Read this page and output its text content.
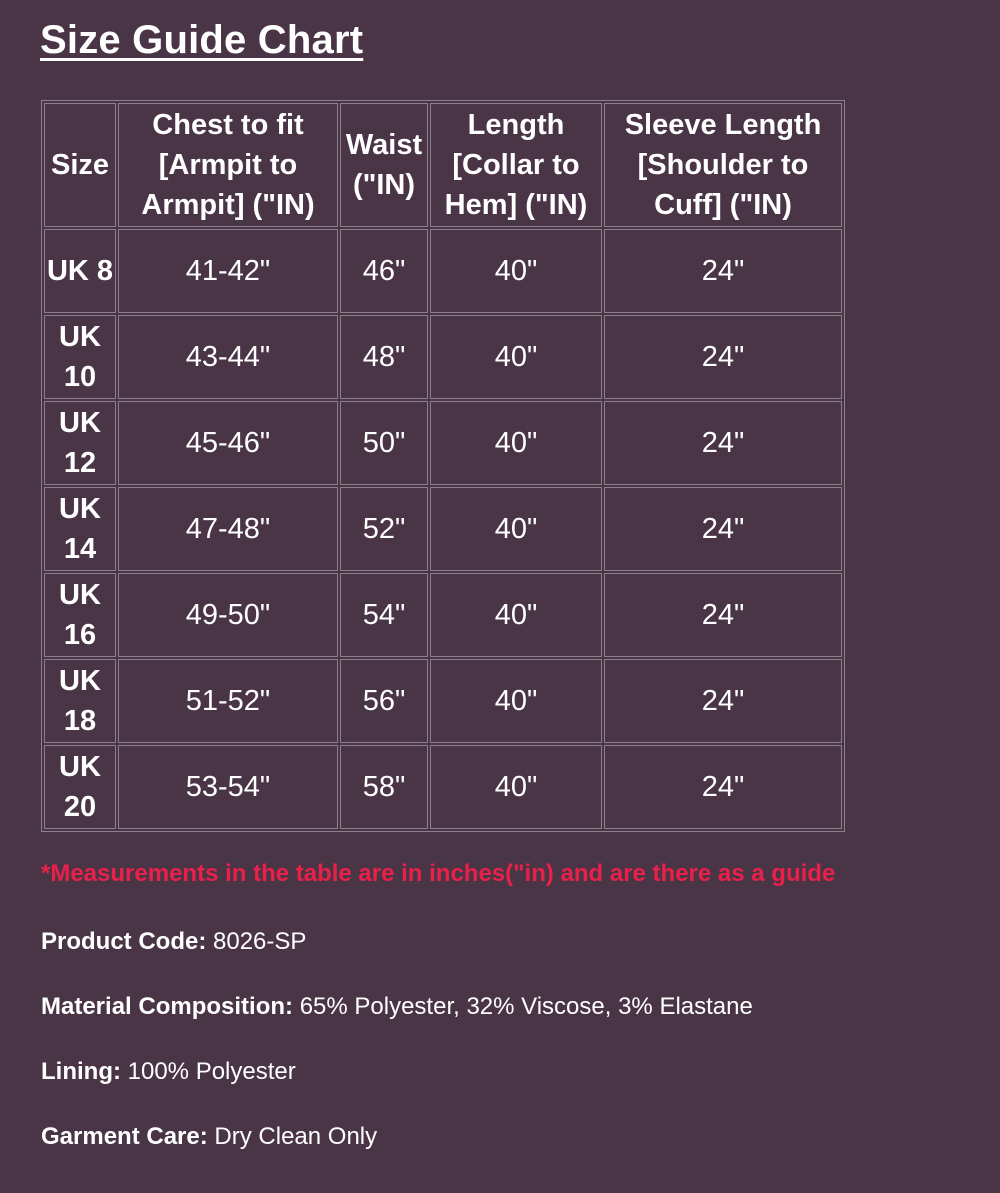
Size Guide Chart
Size	Chest to fit [Armpit to Armpit] ("IN)	Waist ("IN)	Length [Collar to Hem] ("IN)	Sleeve Length [Shoulder to Cuff] ("IN)
UK 8	41-42"	46"	40"	24"
UK 10	43-44"	48"	40"	24"
UK 12	45-46"	50"	40"	24"
UK 14	47-48"	52"	40"	24"
UK 16	49-50"	54"	40"	24"
UK 18	51-52"	56"	40"	24"
UK 20	53-54"	58"	40"	24"

*Measurements in the table are in inches("in) and are there as a guide

Product Code: 8026-SP

Material Composition: 65% Polyester, 32% Viscose, 3% Elastane

Lining: 100% Polyester

Garment Care: Dry Clean Only
